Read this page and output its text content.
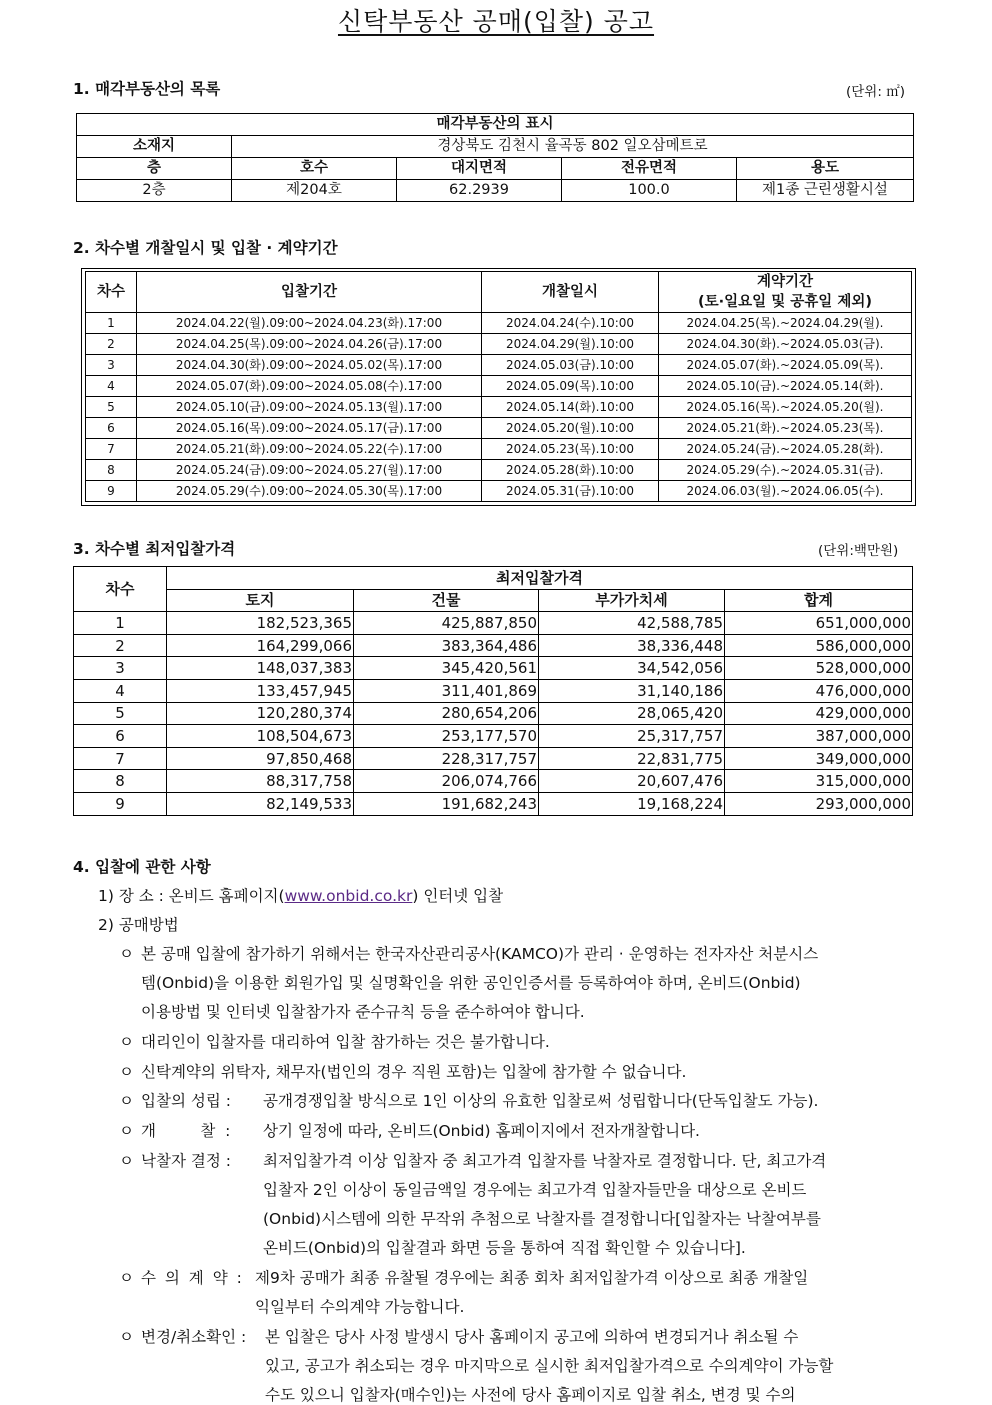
신탁부동산 공매(입찰) 공고
1. 매각부동산의 목록	(단위: ㎡)
매각부동산의 표시				
소재지	경상북도 김천시 율곡동 802 일오삼메트로			
층	호수	대지면적	전유면적	용도
2층	제204호	62.2939	100.0	제1종 근린생활시설
2. 차수별 개찰일시 및 입찰 · 계약기간
차수	입찰기간	개찰일시	계약기간
(토·일요일 및 공휴일 제외)

1	2024.04.22(월).09:00~2024.04.23(화).17:00	2024.04.24(수).10:00	2024.04.25(목).~2024.04.29(월).
2	2024.04.25(목).09:00~2024.04.26(금).17:00	2024.04.29(월).10:00	2024.04.30(화).~2024.05.03(금).
3	2024.04.30(화).09:00~2024.05.02(목).17:00	2024.05.03(금).10:00	2024.05.07(화).~2024.05.09(목).
4	2024.05.07(화).09:00~2024.05.08(수).17:00	2024.05.09(목).10:00	2024.05.10(금).~2024.05.14(화).
5	2024.05.10(금).09:00~2024.05.13(월).17:00	2024.05.14(화).10:00	2024.05.16(목).~2024.05.20(월).
6	2024.05.16(목).09:00~2024.05.17(금).17:00	2024.05.20(월).10:00	2024.05.21(화).~2024.05.23(목).
7	2024.05.21(화).09:00~2024.05.22(수).17:00	2024.05.23(목).10:00	2024.05.24(금).~2024.05.28(화).
8	2024.05.24(금).09:00~2024.05.27(월).17:00	2024.05.28(화).10:00	2024.05.29(수).~2024.05.31(금).
9	2024.05.29(수).09:00~2024.05.30(목).17:00	2024.05.31(금).10:00	2024.06.03(월).~2024.06.05(수).
3. 차수별 최저입찰가격	(단위:백만원)
차수	최저입찰가격			
	토지	건물	부가가치세	합계
1	182,523,365	425,887,850	42,588,785	651,000,000
2	164,299,066	383,364,486	38,336,448	586,000,000
3	148,037,383	345,420,561	34,542,056	528,000,000
4	133,457,945	311,401,869	31,140,186	476,000,000
5	120,280,374	280,654,206	28,065,420	429,000,000
6	108,504,673	253,177,570	25,317,757	387,000,000
7	97,850,468	228,317,757	22,831,775	349,000,000
8	88,317,758	206,074,766	20,607,476	315,000,000
9	82,149,533	191,682,243	19,168,224	293,000,000
4. 입찰에 관한 사항
1) 장 소 : 온비드 홈페이지(www.onbid.co.kr) 인터넷 입찰
2) 공매방법
ㅇ 본 공매 입찰에 참가하기 위해서는 한국자산관리공사(KAMCO)가 관리 · 운영하는 전자자산 처분시스
템(Onbid)을 이용한 회원가입 및 실명확인을 위한 공인인증서를 등록하여야 하며, 온비드(Onbid)
이용방법 및 인터넷 입찰참가자 준수규칙 등을 준수하여야 합니다.
ㅇ 대리인이 입찰자를 대리하여 입찰 참가하는 것은 불가합니다.
ㅇ 신탁계약의 위탁자, 채무자(법인의 경우 직원 포함)는 입찰에 참가할 수 없습니다.
ㅇ 입찰의 성립 :	공개경쟁입찰 방식으로 1인 이상의 유효한 입찰로써 성립합니다(단독입찰도 가능).
ㅇ 개         찰  :	상기 일정에 따라, 온비드(Onbid) 홈페이지에서 전자개찰합니다.
ㅇ 낙찰자 결정 :	최저입찰가격 이상 입찰자 중 최고가격 입찰자를 낙찰자로 결정합니다. 단, 최고가격
입찰자 2인 이상이 동일금액일 경우에는 최고가격 입찰자들만을 대상으로 온비드
(Onbid)시스템에 의한 무작위 추첨으로 낙찰자를 결정합니다[입찰자는 낙찰여부를
온비드(Onbid)의 입찰결과 화면 등을 통하여 직접 확인할 수 있습니다].
ㅇ 수 의 계 약 : 제9차 공매가 최종 유찰될 경우에는 최종 회차 최저입찰가격 이상으로 최종 개찰일
익일부터 수의계약 가능합니다.
ㅇ 변경/취소확인 :	본 입찰은 당사 사정 발생시 당사 홈페이지 공고에 의하여 변경되거나 취소될 수
있고, 공고가 취소되는 경우 마지막으로 실시한 최저입찰가격으로 수의계약이 가능할
수도 있으니 입찰자(매수인)는 사전에 당사 홈페이지로 입찰 취소, 변경 및 수의
